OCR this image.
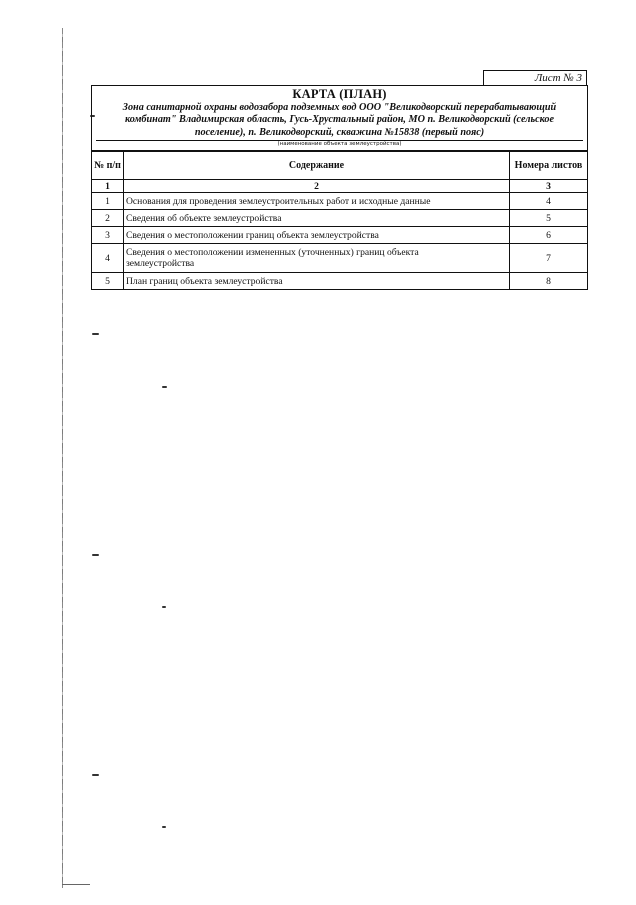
Лист № 3
КАРТА (ПЛАН)
Зона санитарной охраны водозабора подземных вод ООО "Великодворский перерабатывающий комбинат" Владимирская область, Гусь-Хрустальный район, МО п. Великодворский (сельское поселение), п. Великодворский, скважина №15838 (первый пояс)
(наименование объекта землеустройства)
№ п/п	Содержание	Номера листов
1	2	3
1	Основания для проведения землеустроительных работ и исходные данные	4
2	Сведения об объекте землеустройства	5
3	Сведения о местоположении границ объекта землеустройства	6
4	Сведения о местоположении измененных (уточненных) границ объекта землеустройства	7
5	План границ объекта землеустройства	8
